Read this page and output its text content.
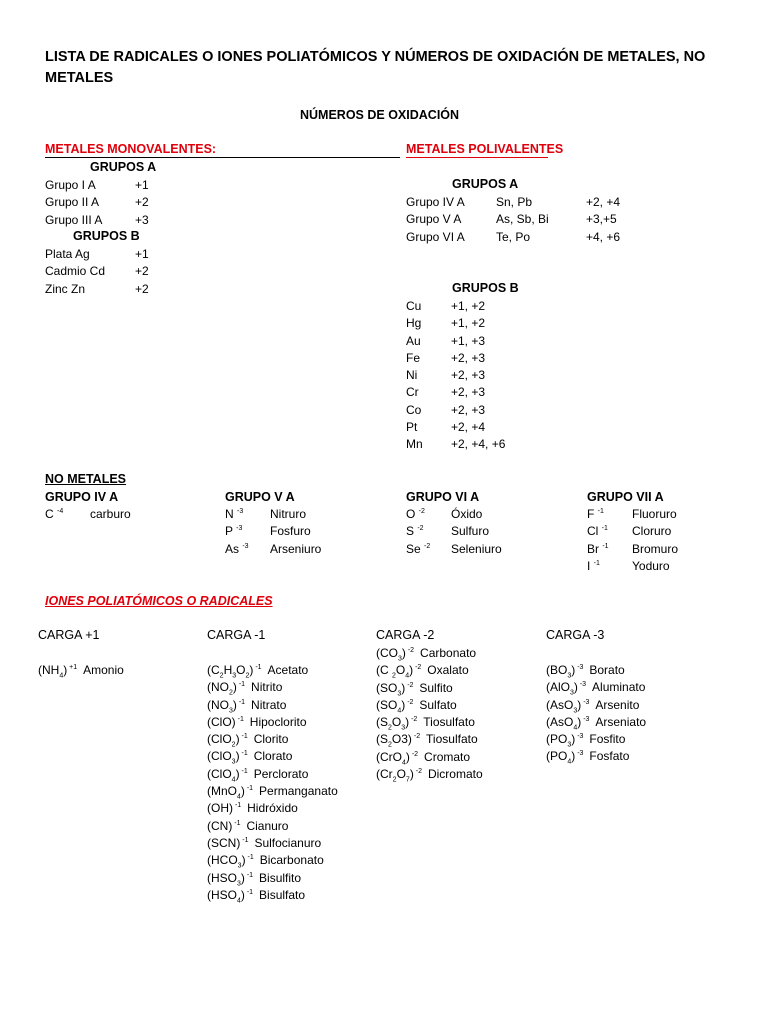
LISTA DE RADICALES O IONES POLIATÓMICOS Y NÚMEROS DE OXIDACIÓN DE METALES, NO METALES
NÚMEROS DE OXIDACIÓN
METALES MONOVALENTES:
GRUPOS A
Grupo I A	+1
Grupo II A	+2
Grupo III A	+3
GRUPOS B
Plata Ag	+1
Cadmio Cd +2
Zinc Zn	+2
METALES POLIVALENTES
GRUPOS A
Grupo IV A	Sn, Pb	+2, +4
Grupo V A	As, Sb, Bi	+3,+5
Grupo VI A	Te, Po	+4, +6
GRUPOS B
Cu +1, +2
Hg +1, +2
Au	+1, +3
Fe	+2, +3
Ni	+2, +3
Cr	+2, +3
Co +2, +3
Pt	+2, +4
Mn +2, +4, +6
NO METALES
GRUPO IV A
C $^{-4}$ carburo
GRUPO V A
N $^{-3}$ Nitruro
P $^{-3}$ Fosfuro
As $^{-3}$ Arseniuro
GRUPO VI A
O $^{-2}$ Óxido
S $^{-2}$ Sulfuro
Se $^{-2}$ Seleniuro
GRUPO VII A
F $^{-1}$ Fluoruro
Cl $^{-1}$ Cloruro
Br $^{-1}$ Bromuro
I $^{-1}$	Yoduro
IONES POLIATÓMICOS O RADICALES
CARGA +1
$(NH_4)$ $^{+1}$ Amonio
CARGA -1
$(C_2H_3O_2)$ $^{-1}$ Acetato
$(NO_2)$ $^{-1}$ Nitrito
$(NO_3)$ $^{-1}$ Nitrato
(ClO) $^{-1}$ Hipoclorito
(ClO$_2$) $^{-1}$ Clorito
(ClO$_3$) $^{-1}$ Clorato
(ClO$_4$) $^{-1}$ Perclorato
(MnO$_4$) $^{-1}$ Permanganato
(OH) $^{-1}$ Hidróxido
(CN) $^{-1}$ Cianuro
(SCN) $^{-1}$ Sulfocianuro
$(HCO_3)$ $^{-1}$ Bicarbonato
$(HSO_3)$ $^{-1}$ Bisulfito
$(HSO_4)$ $^{-1}$ Bisulfato
CARGA -2
$(CO_3)$ $^{-2}$ Carbonato
(C $_2O_4$) $^{-2}$ Oxalato
$(SO_3)$ $^{-2}$ Sulfito
$(SO_4)$ $^{-2}$ Sulfato
$(S_2O_3)$ $^{-2}$ Tiosulfato
$(S_2O3)$ $^{-2}$ Tiosulfato
(CrO$_4$) $^{-2}$ Cromato
$(Cr_2O_7)$ $^{-2}$ Dicromato
CARGA -3
$(BO_3)$ $^{-3}$ Borato
(AlO$_3$) $^{-3}$ Aluminato
(AsO$_3$) $^{-3}$ Arsenito
(AsO$_4$) $^{-3}$ Arseniato
$(PO_3)$ $^{-3}$ Fosfito
$(PO_4)$ $^{-3}$ Fosfato
